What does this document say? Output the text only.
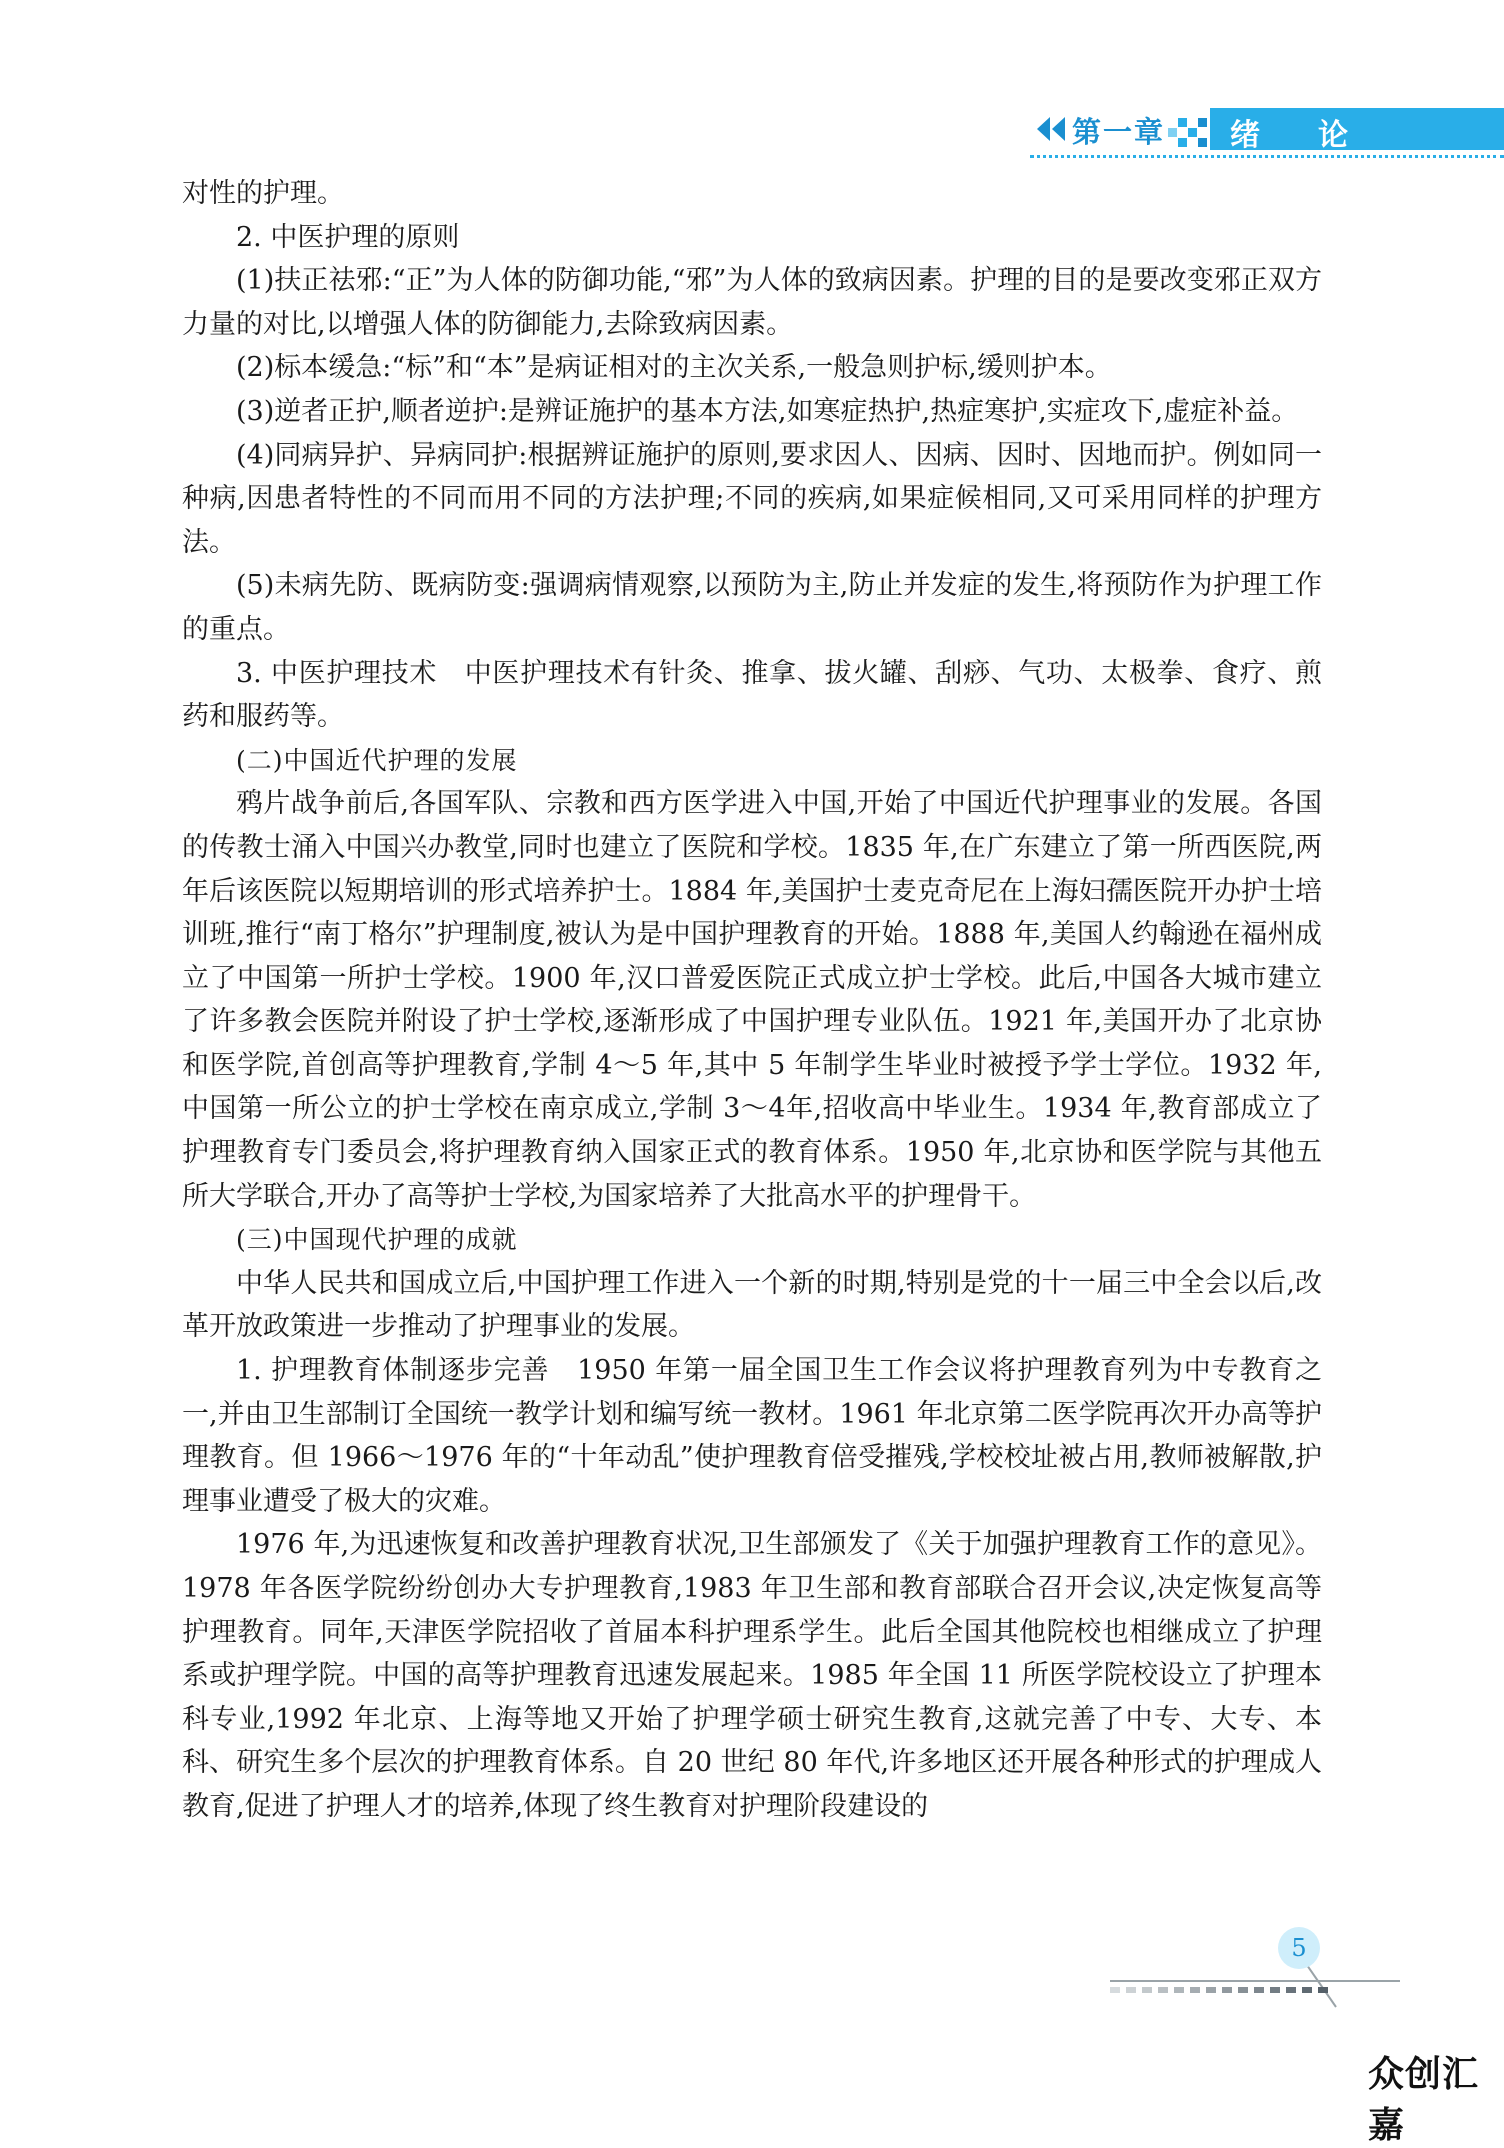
第一章 绪论

对性的护理。

2. 中医护理的原则

(1)扶正祛邪:“正”为人体的防御功能,“邪”为人体的致病因素。护理的目的是要改变邪正双方力量的对比,以增强人体的防御能力,去除致病因素。

(2)标本缓急:“标”和“本”是病证相对的主次关系,一般急则护标,缓则护本。

(3)逆者正护,顺者逆护:是辨证施护的基本方法,如寒症热护,热症寒护,实症攻下,虚症补益。

(4)同病异护、异病同护:根据辨证施护的原则,要求因人、因病、因时、因地而护。例如同一种病,因患者特性的不同而用不同的方法护理;不同的疾病,如果症候相同,又可采用同样的护理方法。

(5)未病先防、既病防变:强调病情观察,以预防为主,防止并发症的发生,将预防作为护理工作的重点。

3. 中医护理技术　中医护理技术有针灸、推拿、拔火罐、刮痧、气功、太极拳、食疗、煎药和服药等。

(二)中国近代护理的发展

鸦片战争前后,各国军队、宗教和西方医学进入中国,开始了中国近代护理事业的发展。各国的传教士涌入中国兴办教堂,同时也建立了医院和学校。1835 年,在广东建立了第一所西医院,两年后该医院以短期培训的形式培养护士。1884 年,美国护士麦克奇尼在上海妇孺医院开办护士培训班,推行“南丁格尔”护理制度,被认为是中国护理教育的开始。1888 年,美国人约翰逊在福州成立了中国第一所护士学校。1900 年,汉口普爱医院正式成立护士学校。此后,中国各大城市建立了许多教会医院并附设了护士学校,逐渐形成了中国护理专业队伍。1921 年,美国开办了北京协和医学院,首创高等护理教育,学制 4～5 年,其中 5 年制学生毕业时被授予学士学位。1932 年,中国第一所公立的护士学校在南京成立,学制 3～4年,招收高中毕业生。1934 年,教育部成立了护理教育专门委员会,将护理教育纳入国家正式的教育体系。1950 年,北京协和医学院与其他五所大学联合,开办了高等护士学校,为国家培养了大批高水平的护理骨干。

(三)中国现代护理的成就

中华人民共和国成立后,中国护理工作进入一个新的时期,特别是党的十一届三中全会以后,改革开放政策进一步推动了护理事业的发展。

1. 护理教育体制逐步完善　1950 年第一届全国卫生工作会议将护理教育列为中专教育之一,并由卫生部制订全国统一教学计划和编写统一教材。1961 年北京第二医学院再次开办高等护理教育。但 1966～1976 年的“十年动乱”使护理教育倍受摧残,学校校址被占用,教师被解散,护理事业遭受了极大的灾难。

1976 年,为迅速恢复和改善护理教育状况,卫生部颁发了《关于加强护理教育工作的意见》。1978 年各医学院纷纷创办大专护理教育,1983 年卫生部和教育部联合召开会议,决定恢复高等护理教育。同年,天津医学院招收了首届本科护理系学生。此后全国其他院校也相继成立了护理系或护理学院。中国的高等护理教育迅速发展起来。1985 年全国 11 所医学院校设立了护理本科专业,1992 年北京、上海等地又开始了护理学硕士研究生教育,这就完善了中专、大专、本科、研究生多个层次的护理教育体系。自 20 世纪 80 年代,许多地区还开展各种形式的护理成人教育,促进了护理人才的培养,体现了终生教育对护理阶段建设的

5
众创汇嘉
